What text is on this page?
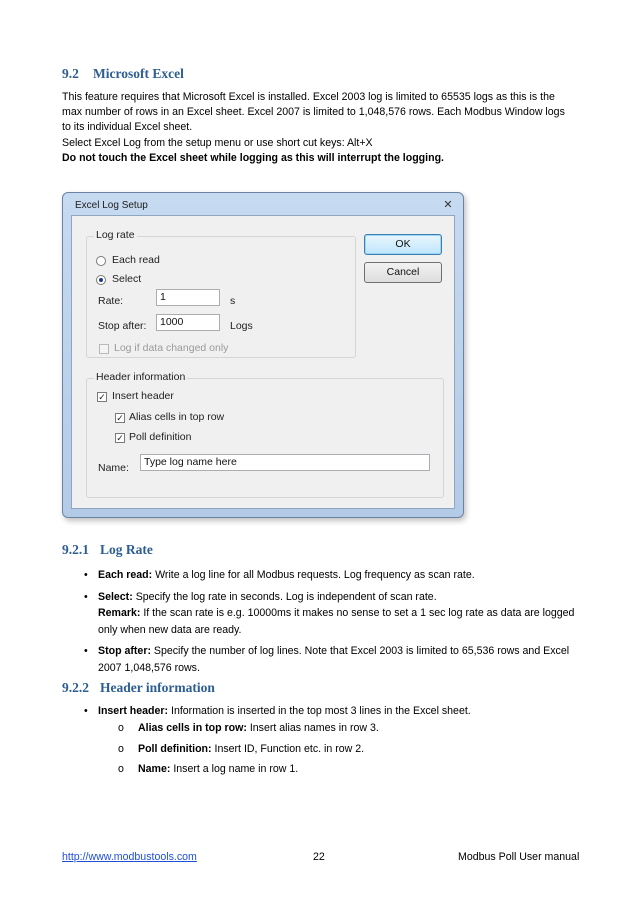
9.2 Microsoft Excel

This feature requires that Microsoft Excel is installed. Excel 2003 log is limited to 65535 logs as this is the

max number of rows in an Excel sheet. Excel 2007 is limited to 1,048,576 rows. Each Modbus Window logs

to its individual Excel sheet.

Select Excel Log from the setup menu or use short cut keys: Alt+X

Do not touch the Excel sheet while logging as this will interrupt the logging.

Excel Log Setup	✕
Log rate
Each read
Select
Rate:	1	s
Stop after:	1000	Logs
Log if data changed only
Header information
✓ Insert header
✓ Alias cells in top row
✓ Poll definition
Name:	Type log name here
OK
Cancel
9.2.1 Log Rate
• Each read: Write a log line for all Modbus requests. Log frequency as scan rate.
• Select: Specify the log rate in seconds. Log is independent of scan rate.
Remark: If the scan rate is e.g. 10000ms it makes no sense to set a 1 sec log rate as data are logged
only when new data are ready.
• Stop after: Specify the number of log lines. Note that Excel 2003 is limited to 65,536 rows and Excel
2007 1,048,576 rows.
9.2.2 Header information
• Insert header: Information is inserted in the top most 3 lines in the Excel sheet.
o Alias cells in top row: Insert alias names in row 3.
o Poll definition: Insert ID, Function etc. in row 2.
o Name: Insert a log name in row 1.
http://www.modbustools.com	22	Modbus Poll User manual
